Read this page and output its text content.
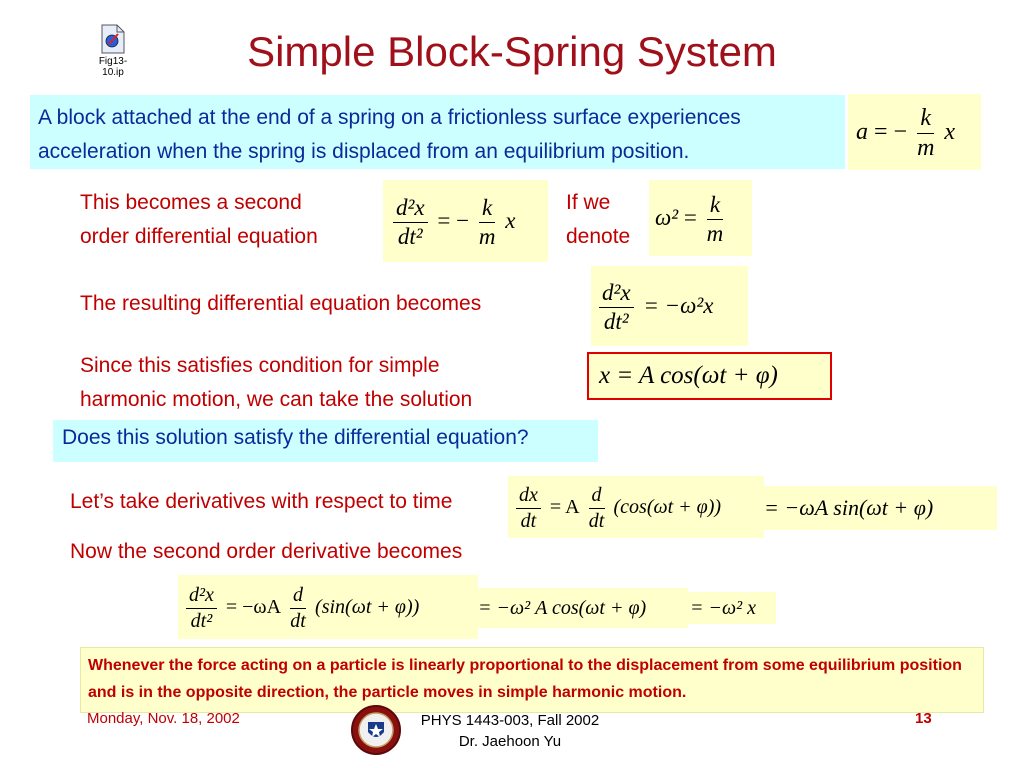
Fig13-10.ip	Simple Block-Spring System
A block attached at the end of a spring on a frictionless surface experiences acceleration when the spring is displaced from an equilibrium position.
a = − $\frac{k}{m}$ x
This becomes a second order differential equation	$\frac{\text{d²x}}{\text{dt²}}$ = − $\frac{k}{m}$ x
If we denote
$\omega^2 = \frac{k}{m}$
The resulting differential equation becomes	$\frac{\text{d²x}}{\text{dt²}} = -\omega^2x$
Since this satisfies condition for simple harmonic motion, we can take the solution
x = A cos(ωt + φ)
Does this solution satisfy the differential equation?
Let’s take derivatives with respect to time	$\frac{dx}{dt} = A \frac{d}{dt} (\cos(\omega t + \varphi))$	= −ωA sin(ωt + φ)
Now the second order derivative becomes
$\frac{\text{d²x}}{\text{dt²}} = -\omega A \frac{d}{dt} (\sin(\omega t + \varphi))$	= −ω² A cos(ωt + φ)	= −ω² x
Whenever the force acting on a particle is linearly proportional to the displacement from some equilibrium position and is in the opposite direction, the particle moves in simple harmonic motion.
Monday, Nov. 18, 2002	PHYS 1443-003, Fall 2002
Dr. Jaehoon Yu
13
